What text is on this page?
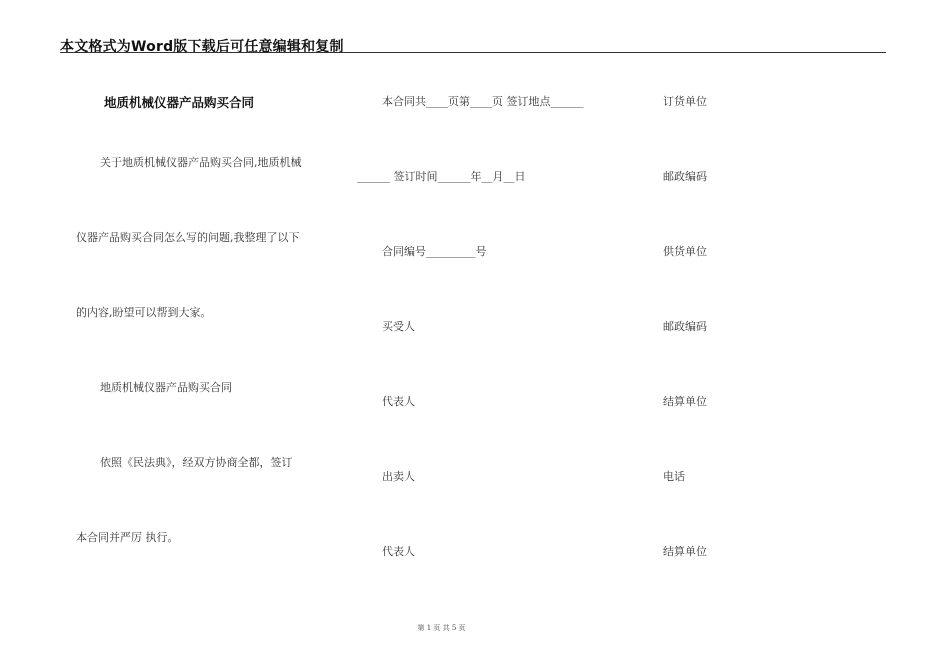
本文格式为Word版下载后可任意编辑和复制
地质机械仪器产品购买合同
关于地质机械仪器产品购买合同,地质机械
仪器产品购买合同怎么写的问题,我整理了以下
的内容,盼望可以帮到大家。
地质机械仪器产品购买合同
依照《民法典》，经双方协商全都，签订
本合同并严厉 执行。
本合同共____页第____页 签订地点______
______ 签订时间______年__月__日
合同编号_________号
买受人
代表人
出卖人
代表人
订货单位
邮政编码
供货单位
邮政编码
结算单位
电话
结算单位
第 1 页 共 5 页
